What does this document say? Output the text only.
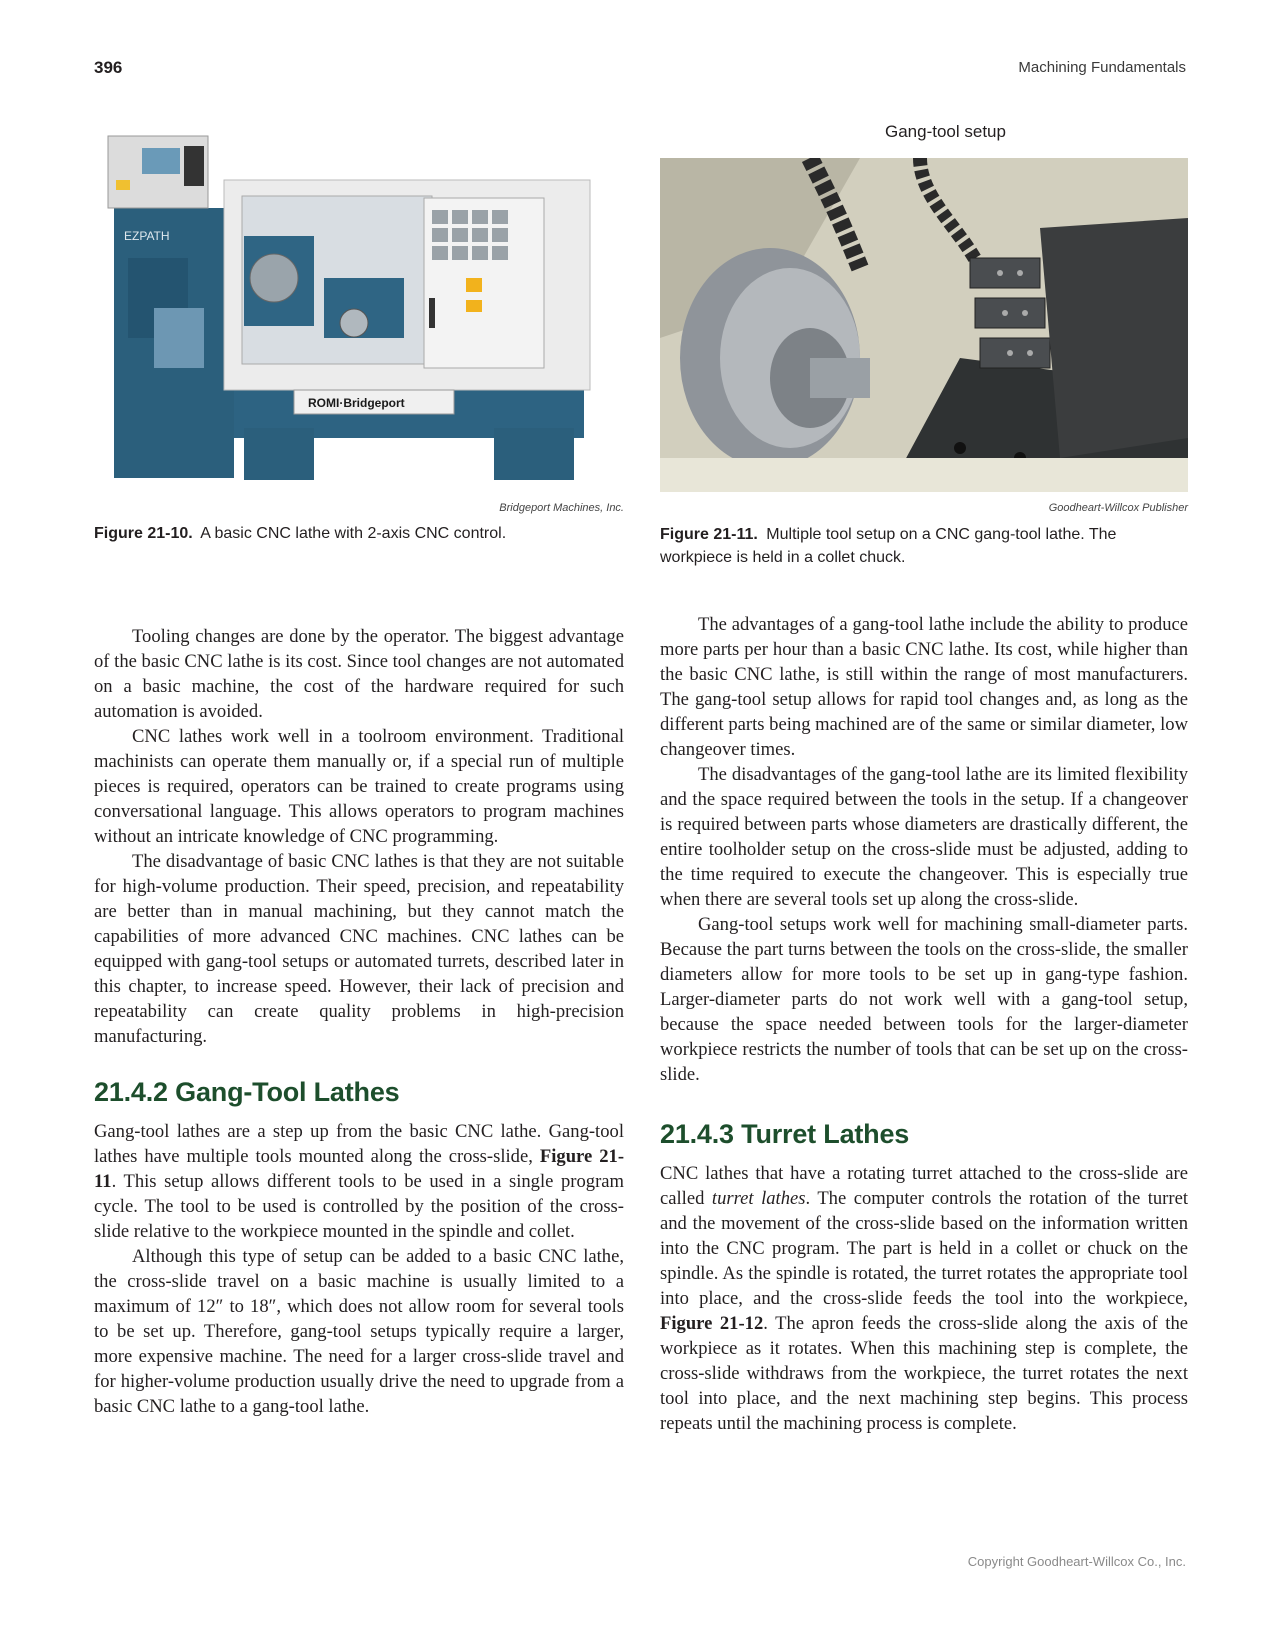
396	Machining Fundamentals
ROMI·Bridgeport
EZPATH
Bridgeport Machines, Inc.
Figure 21-10. A basic CNC lathe with 2-axis CNC control.
Gang-tool setup
Goodheart-Willcox Publisher
Figure 21-11. Multiple tool setup on a CNC gang-tool lathe. The workpiece is held in a collet chuck.

Tooling changes are done by the operator. The biggest advantage of the basic CNC lathe is its cost. Since tool changes are not automated on a basic machine, the cost of the hardware required for such automation is avoided.

CNC lathes work well in a toolroom environment. Traditional machinists can operate them manually or, if a special run of multiple pieces is required, operators can be trained to create programs using conversational language. This allows operators to program machines without an intricate knowledge of CNC programming.

The disadvantage of basic CNC lathes is that they are not suitable for high-volume production. Their speed, precision, and repeatability are better than in manual machining, but they cannot match the capabilities of more advanced CNC machines. CNC lathes can be equipped with gang-tool setups or automated turrets, described later in this chapter, to increase speed. However, their lack of precision and repeatability can create quality problems in high-precision manufacturing.

21.4.2 Gang-Tool Lathes

Gang-tool lathes are a step up from the basic CNC lathe. Gang-tool lathes have multiple tools mounted along the cross-slide, Figure 21-11. This setup allows different tools to be used in a single program cycle. The tool to be used is controlled by the position of the cross-slide relative to the workpiece mounted in the spindle and collet.

Although this type of setup can be added to a basic CNC lathe, the cross-slide travel on a basic machine is usually limited to a maximum of 12″ to 18″, which does not allow room for several tools to be set up. Therefore, gang-tool setups typically require a larger, more expensive machine. The need for a larger cross-slide travel and for higher-volume production usually drive the need to upgrade from a basic CNC lathe to a gang-tool lathe.

The advantages of a gang-tool lathe include the ability to produce more parts per hour than a basic CNC lathe. Its cost, while higher than the basic CNC lathe, is still within the range of most manufacturers. The gang-tool setup allows for rapid tool changes and, as long as the different parts being machined are of the same or similar diameter, low changeover times.

The disadvantages of the gang-tool lathe are its limited flexibility and the space required between the tools in the setup. If a changeover is required between parts whose diameters are drastically different, the entire toolholder setup on the cross-slide must be adjusted, adding to the time required to execute the changeover. This is especially true when there are several tools set up along the cross-slide.

Gang-tool setups work well for machining small-diameter parts. Because the part turns between the tools on the cross-slide, the smaller diameters allow for more tools to be set up in gang-type fashion. Larger-diameter parts do not work well with a gang-tool setup, because the space needed between tools for the larger-diameter workpiece restricts the number of tools that can be set up on the cross-slide.

21.4.3 Turret Lathes

CNC lathes that have a rotating turret attached to the cross-slide are called turret lathes. The computer controls the rotation of the turret and the movement of the cross-slide based on the information written into the CNC program. The part is held in a collet or chuck on the spindle. As the spindle is rotated, the turret rotates the appropriate tool into place, and the cross-slide feeds the tool into the workpiece, Figure 21-12. The apron feeds the cross-slide along the axis of the workpiece as it rotates. When this machining step is complete, the cross-slide withdraws from the workpiece, the turret rotates the next tool into place, and the next machining step begins. This process repeats until the machining process is complete.

Copyright Goodheart-Willcox Co., Inc.
